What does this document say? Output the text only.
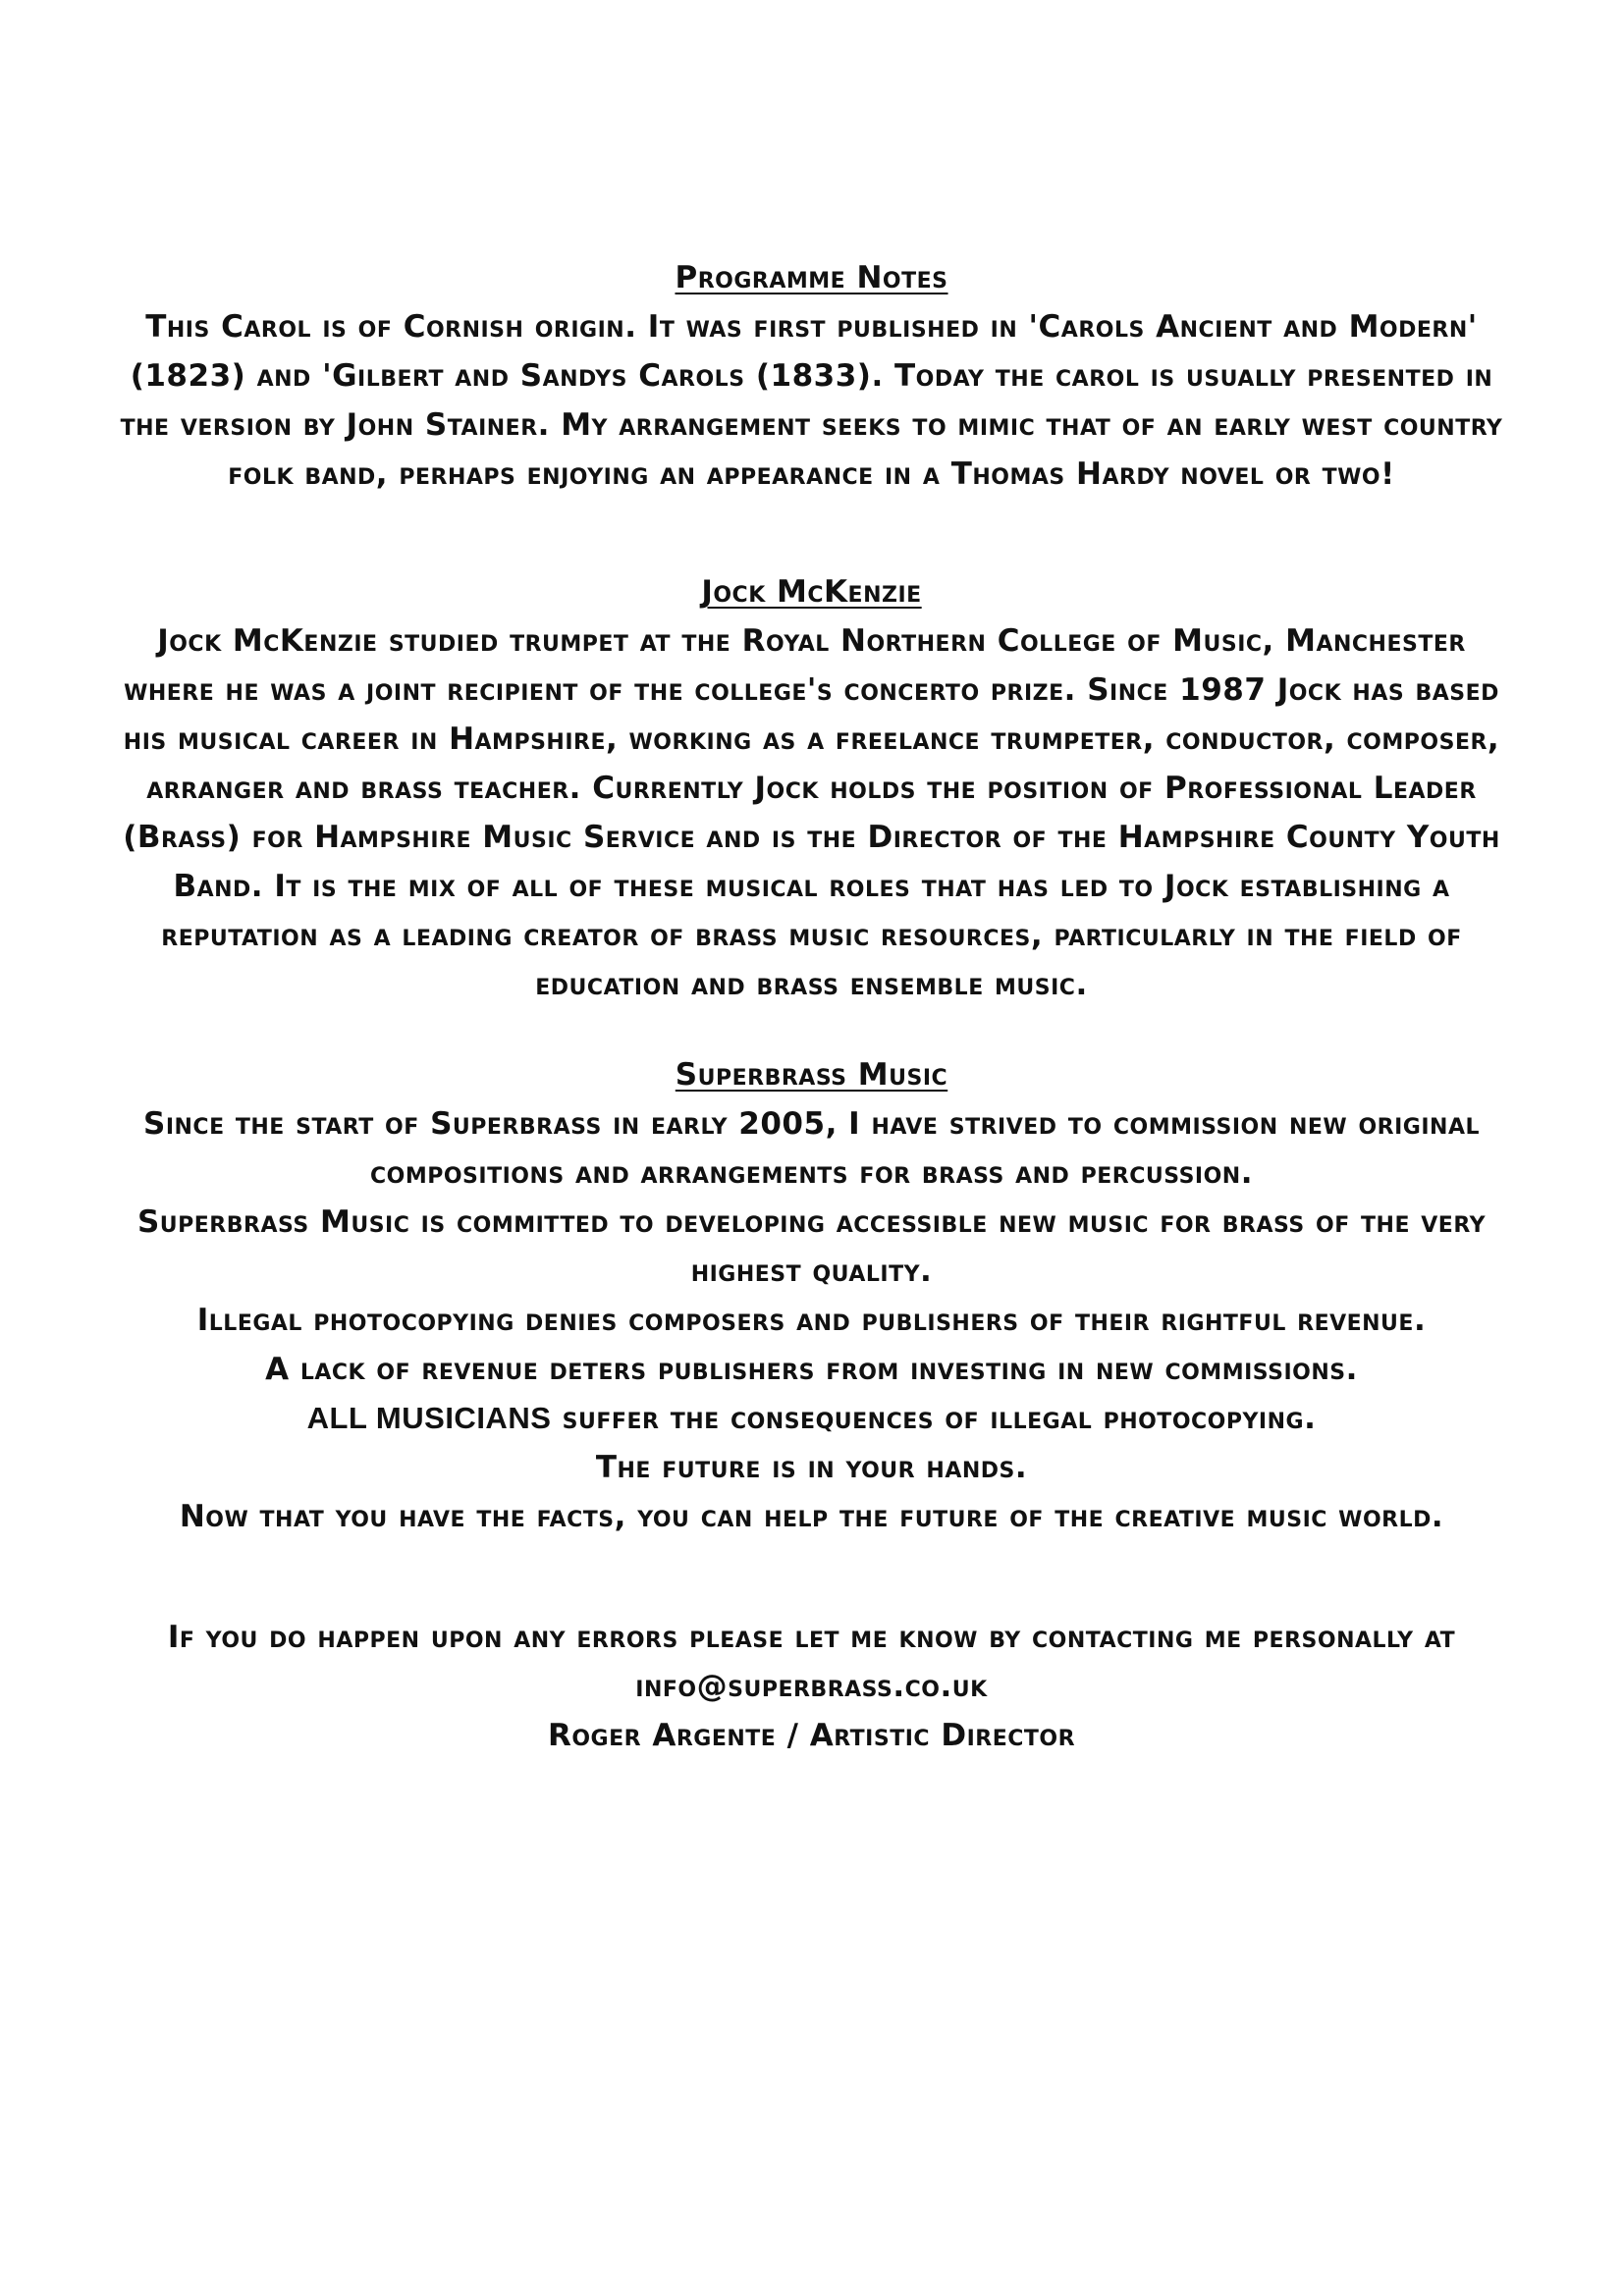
Programme Notes

This Carol is of Cornish origin. It was first published in 'Carols Ancient and Modern' (1823) and 'Gilbert and Sandys Carols (1833). Today the carol is usually presented in the version by John Stainer. My arrangement seeks to mimic that of an early west country folk band, perhaps enjoying an appearance in a Thomas Hardy novel or two!

Jock McKenzie

Jock McKenzie studied trumpet at the Royal Northern College of Music, Manchester where he was a joint recipient of the college's concerto prize. Since 1987 Jock has based his musical career in Hampshire, working as a freelance trumpeter, conductor, composer, arranger and brass teacher. Currently Jock holds the position of Professional Leader (Brass) for Hampshire Music Service and is the Director of the Hampshire County Youth Band. It is the mix of all of these musical roles that has led to Jock establishing a reputation as a leading creator of brass music resources, particularly in the field of education and brass ensemble music.

Superbrass Music

Since the start of Superbrass in early 2005, I have strived to commission new original compositions and arrangements for brass and percussion.

Superbrass Music is committed to developing accessible new music for brass of the very highest quality.

Illegal photocopying denies composers and publishers of their rightful revenue.

A lack of revenue deters publishers from investing in new commissions.

ALL MUSICIANS suffer the consequences of illegal photocopying.

The future is in your hands.

Now that you have the facts, you can help the future of the creative music world.

If you do happen upon any errors please let me know by contacting me personally at

info@superbrass.co.uk

Roger Argente / Artistic Director
